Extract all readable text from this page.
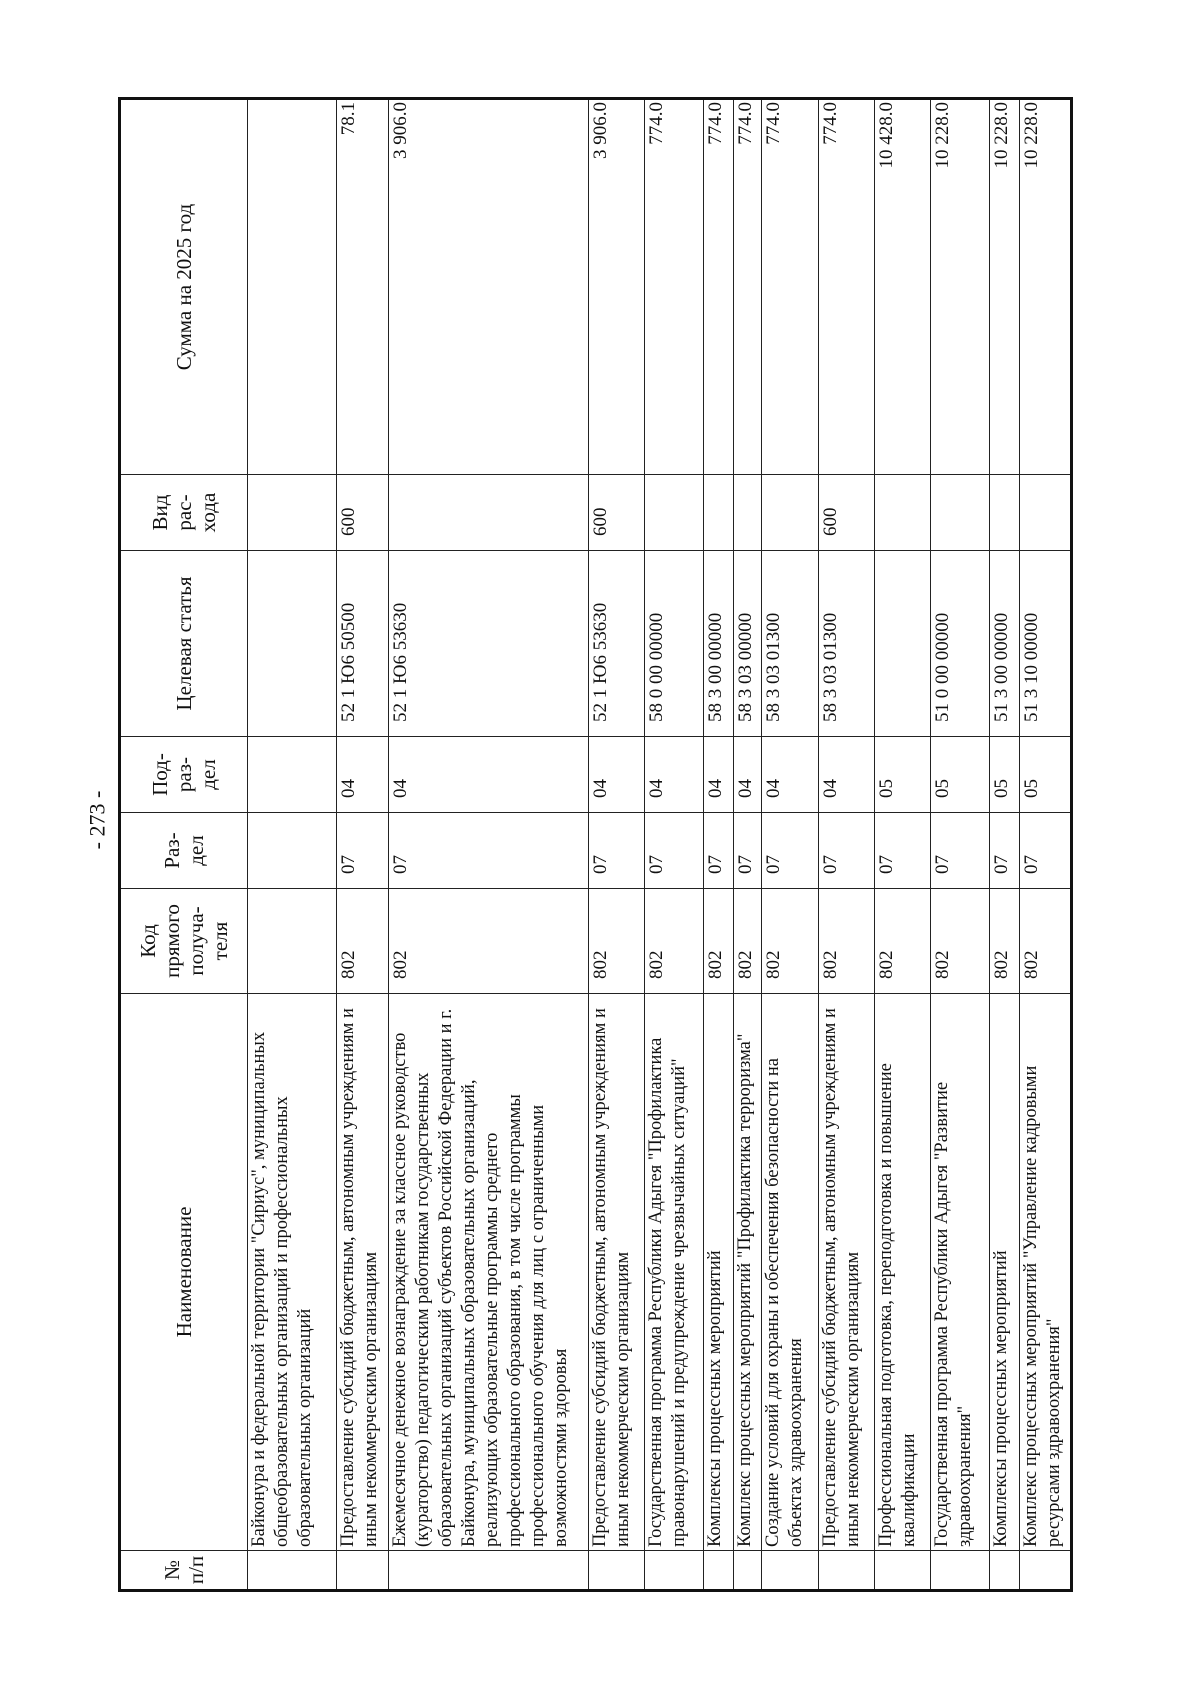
- 273 -
№ п/п	Наименование	Код прямого получа- теля	Раз- дел	Под- раз- дел	Целевая статья	Вид рас- хода	Сумма на 2025 год
	Байконура и федеральной территории "Сириус", муниципальных общеобразовательных организаций и профессиональных образовательных организаций						
	Предоставление субсидий бюджетным, автономным учреждениям и иным некоммерческим организациям	802	07	04	52 1 Ю6 50500	600	78.1
	Ежемесячное денежное вознаграждение за классное руководство (кураторство) педагогическим работникам государственных образовательных организаций субъектов Российской Федерации и г. Байконура, муниципальных образовательных организаций, реализующих образовательные программы среднего профессионального образования, в том числе программы профессионального обучения для лиц с ограниченными возможностями здоровья	802	07	04	52 1 Ю6 53630		3 906.0
	Предоставление субсидий бюджетным, автономным учреждениям и иным некоммерческим организациям	802	07	04	52 1 Ю6 53630	600	3 906.0
	Государственная программа Республики Адыгея "Профилактика правонарушений и предупреждение чрезвычайных ситуаций"	802	07	04	58 0 00 00000		774.0
	Комплексы процессных мероприятий	802	07	04	58 3 00 00000		774.0
	Комплекс процессных мероприятий "Профилактика терроризма"	802	07	04	58 3 03 00000		774.0
	Создание условий для охраны и обеспечения безопасности на объектах здравоохранения	802	07	04	58 3 03 01300		774.0
	Предоставление субсидий бюджетным, автономным учреждениям и иным некоммерческим организациям	802	07	04	58 3 03 01300	600	774.0
	Профессиональная подготовка, переподготовка и повышение квалификации	802	07	05			10 428.0
	Государственная программа Республики Адыгея "Развитие здравоохранения"	802	07	05	51 0 00 00000		10 228.0
	Комплексы процессных мероприятий	802	07	05	51 3 00 00000		10 228.0
	Комплекс процессных мероприятий "Управление кадровыми ресурсами здравоохранения"	802	07	05	51 3 10 00000		10 228.0
